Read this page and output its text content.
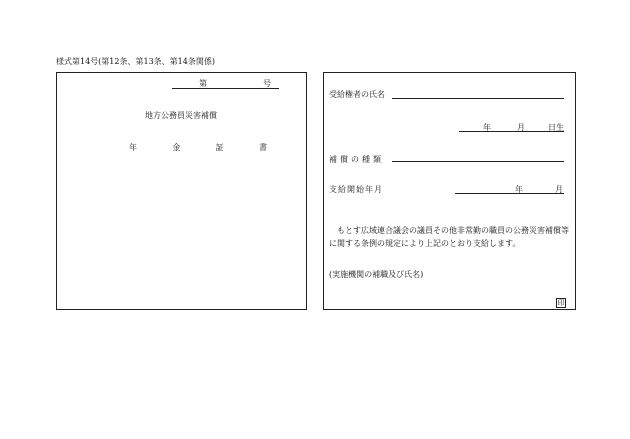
様式第14号(第12条、第13条、第14条関係)
第	号
地方公務員災害補償
年	金	証	書
受給権者の氏名
年	月	日生
補償の種類
支給開始年月	年	月
もとす広域連合議会の議員その他非常勤の職員の公務災害補償等に関する条例の規定により上記のとおり支給します。
(実施機関の補職及び氏名)
印
